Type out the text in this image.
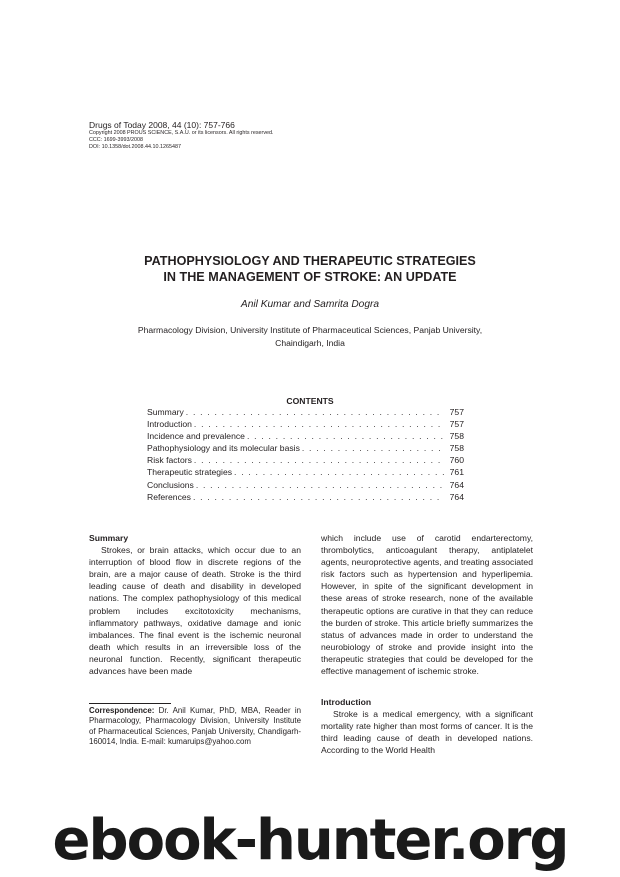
Drugs of Today 2008, 44 (10): 757-766
Copyright 2008 PROUS SCIENCE, S.A.U. or its licensors. All rights reserved.
CCC: 1699-3993/2008
DOI: 10.1358/dot.2008.44.10.1265487
PATHOPHYSIOLOGY AND THERAPEUTIC STRATEGIES
IN THE MANAGEMENT OF STROKE: AN UPDATE
Anil Kumar and Samrita Dogra
Pharmacology Division, University Institute of Pharmaceutical Sciences, Panjab University,
Chaindigarh, India
CONTENTS
Summary . . .	757
Introduction . . .	757
Incidence and prevalence . . .	758
Pathophysiology and its molecular basis . . .	758
Risk factors . . .	760
Therapeutic strategies . . .	761
Conclusions . . .	764
References . . .	764

Summary

Strokes, or brain attacks, which occur due to an interruption of blood flow in discrete regions of the brain, are a major cause of death. Stroke is the third leading cause of death and disability in developed nations. The complex pathophysiology of this medical problem includes excitotoxicity mechanisms, inflammatory pathways, oxidative damage and ionic imbalances. The final event is the ischemic neuronal death which results in an irreversible loss of the neuronal function. Recently, significant therapeutic advances have been made

which include use of carotid endarterectomy, thrombolytics, anticoagulant therapy, antiplatelet agents, neuroprotective agents, and treating associated risk factors such as hypertension and hyperlipemia. However, in spite of the significant development in these areas of stroke research, none of the available therapeutic options are curative in that they can reduce the burden of stroke. This article briefly summarizes the status of advances made in order to understand the neurobiology of stroke and provide insight into the therapeutic strategies that could be developed for the effective management of ischemic stroke.

Introduction

Stroke is a medical emergency, with a significant mortality rate higher than most forms of cancer. It is the third leading cause of death in developed nations. According to the World Health

Correspondence: Dr. Anil Kumar, PhD, MBA, Reader in Pharmacology, Pharmacology Division, University Institute of Pharmaceutical Sciences, Panjab University, Chandigarh-160014, India. E-mail: kumaruips@yahoo.com
ebook-hunter.org
